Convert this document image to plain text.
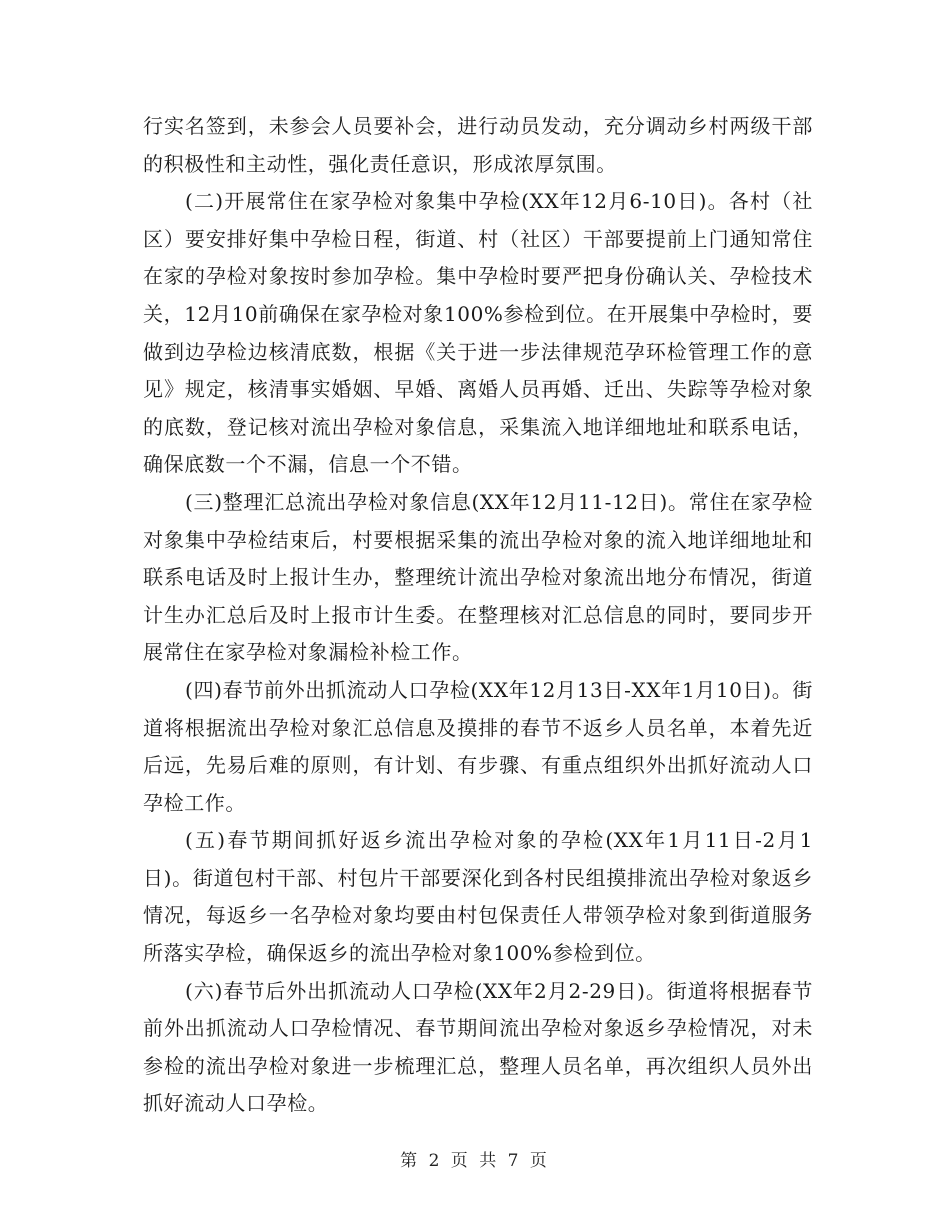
行实名签到，未参会人员要补会，进行动员发动，充分调动乡村两级干部的积极性和主动性，强化责任意识，形成浓厚氛围。

(二)开展常住在家孕检对象集中孕检(XX年12月6-10日)。各村（社区）要安排好集中孕检日程，街道、村（社区）干部要提前上门通知常住在家的孕检对象按时参加孕检。集中孕检时要严把身份确认关、孕检技术关，12月10前确保在家孕检对象100%参检到位。在开展集中孕检时，要做到边孕检边核清底数，根据《关于进一步法律规范孕环检管理工作的意见》规定，核清事实婚姻、早婚、离婚人员再婚、迁出、失踪等孕检对象的底数，登记核对流出孕检对象信息，采集流入地详细地址和联系电话，确保底数一个不漏，信息一个不错。

(三)整理汇总流出孕检对象信息(XX年12月11-12日)。常住在家孕检对象集中孕检结束后，村要根据采集的流出孕检对象的流入地详细地址和联系电话及时上报计生办，整理统计流出孕检对象流出地分布情况，街道计生办汇总后及时上报市计生委。在整理核对汇总信息的同时，要同步开展常住在家孕检对象漏检补检工作。

(四)春节前外出抓流动人口孕检(XX年12月13日-XX年1月10日)。街道将根据流出孕检对象汇总信息及摸排的春节不返乡人员名单，本着先近后远，先易后难的原则，有计划、有步骤、有重点组织外出抓好流动人口孕检工作。

(五)春节期间抓好返乡流出孕检对象的孕检(XX年1月11日-2月1日)。街道包村干部、村包片干部要深化到各村民组摸排流出孕检对象返乡情况，每返乡一名孕检对象均要由村包保责任人带领孕检对象到街道服务所落实孕检，确保返乡的流出孕检对象100%参检到位。

(六)春节后外出抓流动人口孕检(XX年2月2-29日)。街道将根据春节前外出抓流动人口孕检情况、春节期间流出孕检对象返乡孕检情况，对未参检的流出孕检对象进一步梳理汇总，整理人员名单，再次组织人员外出抓好流动人口孕检。

第 2 页 共 7 页
